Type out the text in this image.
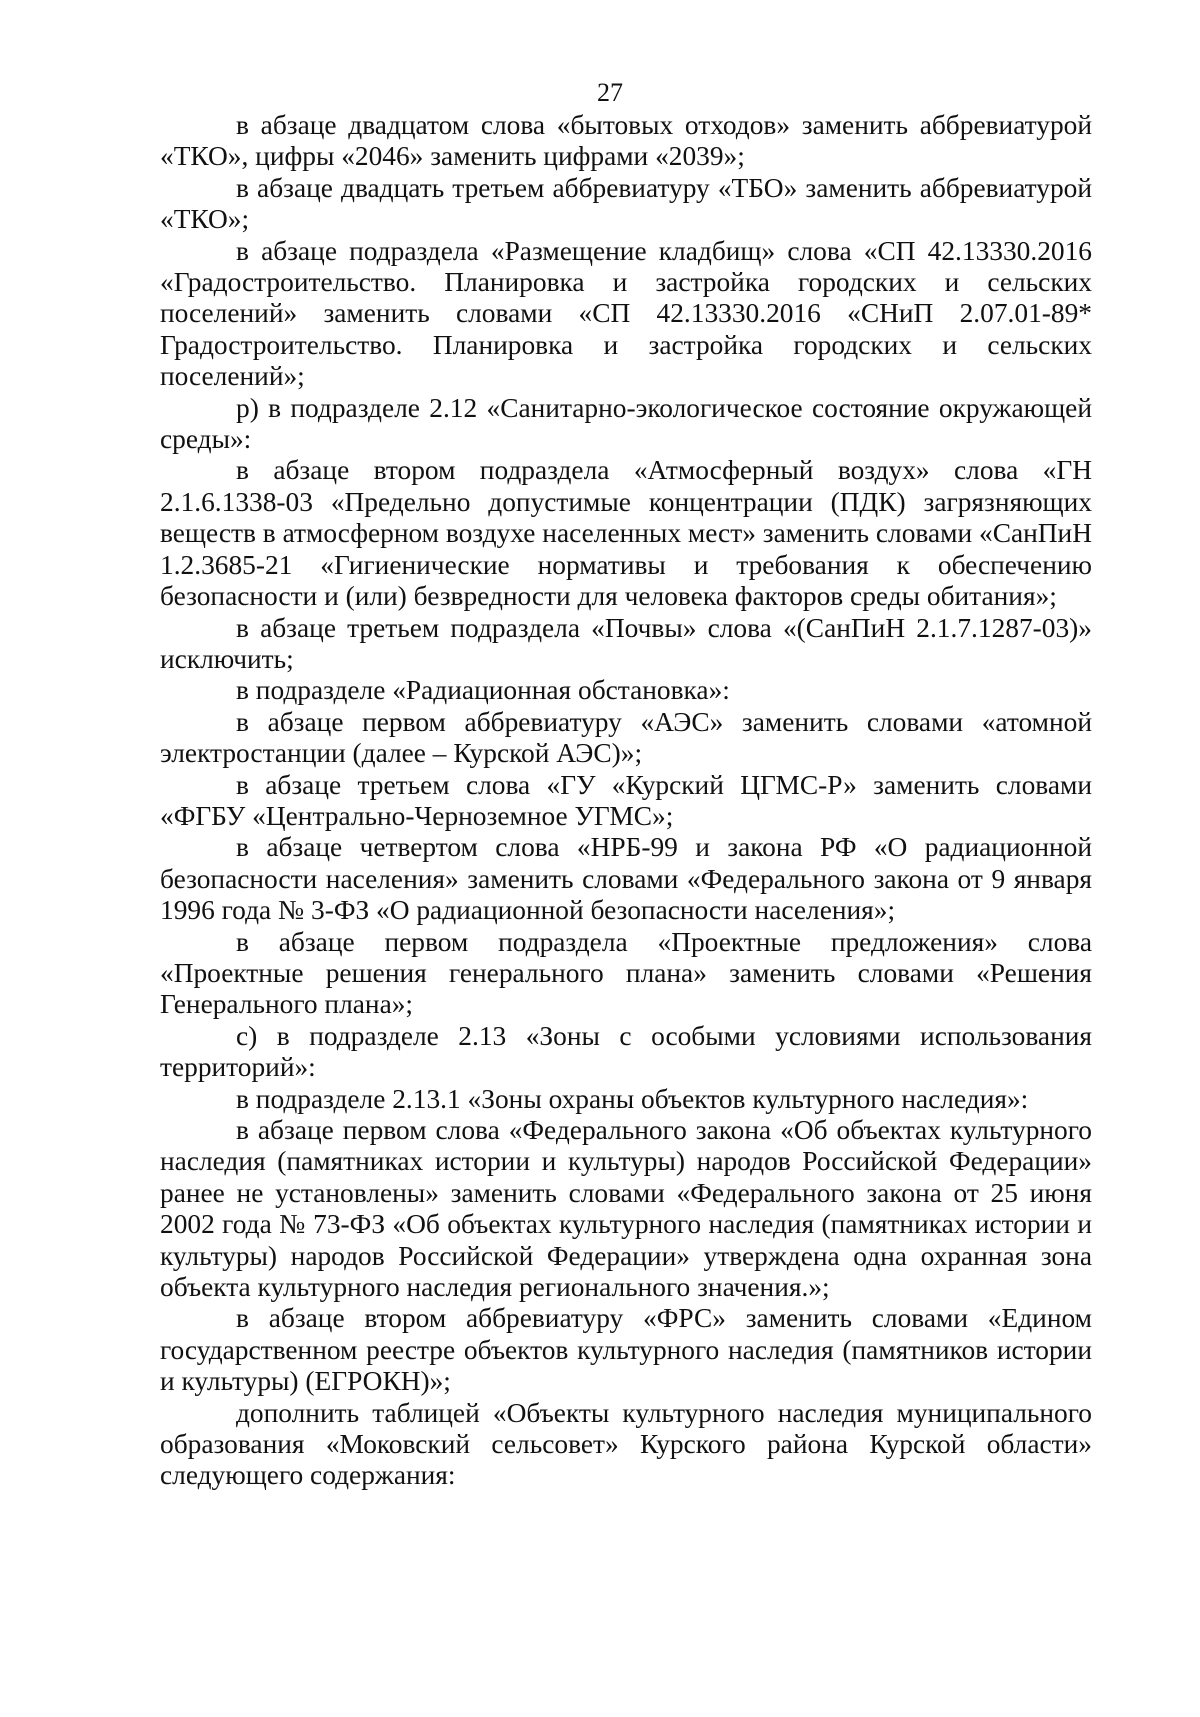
27

в абзаце двадцатом слова «бытовых отходов» заменить аббревиатурой «ТКО», цифры «2046» заменить цифрами «2039»;

в абзаце двадцать третьем аббревиатуру «ТБО» заменить аббревиатурой «ТКО»;

в абзаце подраздела «Размещение кладбищ» слова «СП 42.13330.2016 «Градостроительство. Планировка и застройка городских и сельских поселений» заменить словами «СП 42.13330.2016 «СНиП 2.07.01-89* Градостроительство. Планировка и застройка городских и сельских поселений»;

р) в подразделе 2.12 «Санитарно-экологическое состояние окружающей среды»:

в абзаце втором подраздела «Атмосферный воздух» слова «ГН 2.1.6.1338-03 «Предельно допустимые концентрации (ПДК) загрязняющих веществ в атмосферном воздухе населенных мест» заменить словами «СанПиН 1.2.3685-21 «Гигиенические нормативы и требования к обеспечению безопасности и (или) безвредности для человека факторов среды обитания»;

в абзаце третьем подраздела «Почвы» слова «(СанПиН 2.1.7.1287-03)» исключить;

в подразделе «Радиационная обстановка»:

в абзаце первом аббревиатуру «АЭС» заменить словами «атомной электростанции (далее – Курской АЭС)»;

в абзаце третьем слова «ГУ «Курский ЦГМС-Р» заменить словами «ФГБУ «Центрально-Черноземное УГМС»;

в абзаце четвертом слова «НРБ-99 и закона РФ «О радиационной безопасности населения» заменить словами «Федерального закона от 9 января 1996 года № 3-ФЗ «О радиационной безопасности населения»;

в абзаце первом подраздела «Проектные предложения» слова «Проектные решения генерального плана» заменить словами «Решения Генерального плана»;

с) в подразделе 2.13 «Зоны с особыми условиями использования территорий»:

в подразделе 2.13.1 «Зоны охраны объектов культурного наследия»:

в абзаце первом слова «Федерального закона «Об объектах культурного наследия (памятниках истории и культуры) народов Российской Федерации» ранее не установлены» заменить словами «Федерального закона от 25 июня 2002 года № 73-ФЗ «Об объектах культурного наследия (памятниках истории и культуры) народов Российской Федерации» утверждена одна охранная зона объекта культурного наследия регионального значения.»;

в абзаце втором аббревиатуру «ФРС» заменить словами «Едином государственном реестре объектов культурного наследия (памятников истории и культуры) (ЕГРОКН)»;

дополнить таблицей «Объекты культурного наследия муниципального образования «Моковский сельсовет» Курского района Курской области» следующего содержания:
